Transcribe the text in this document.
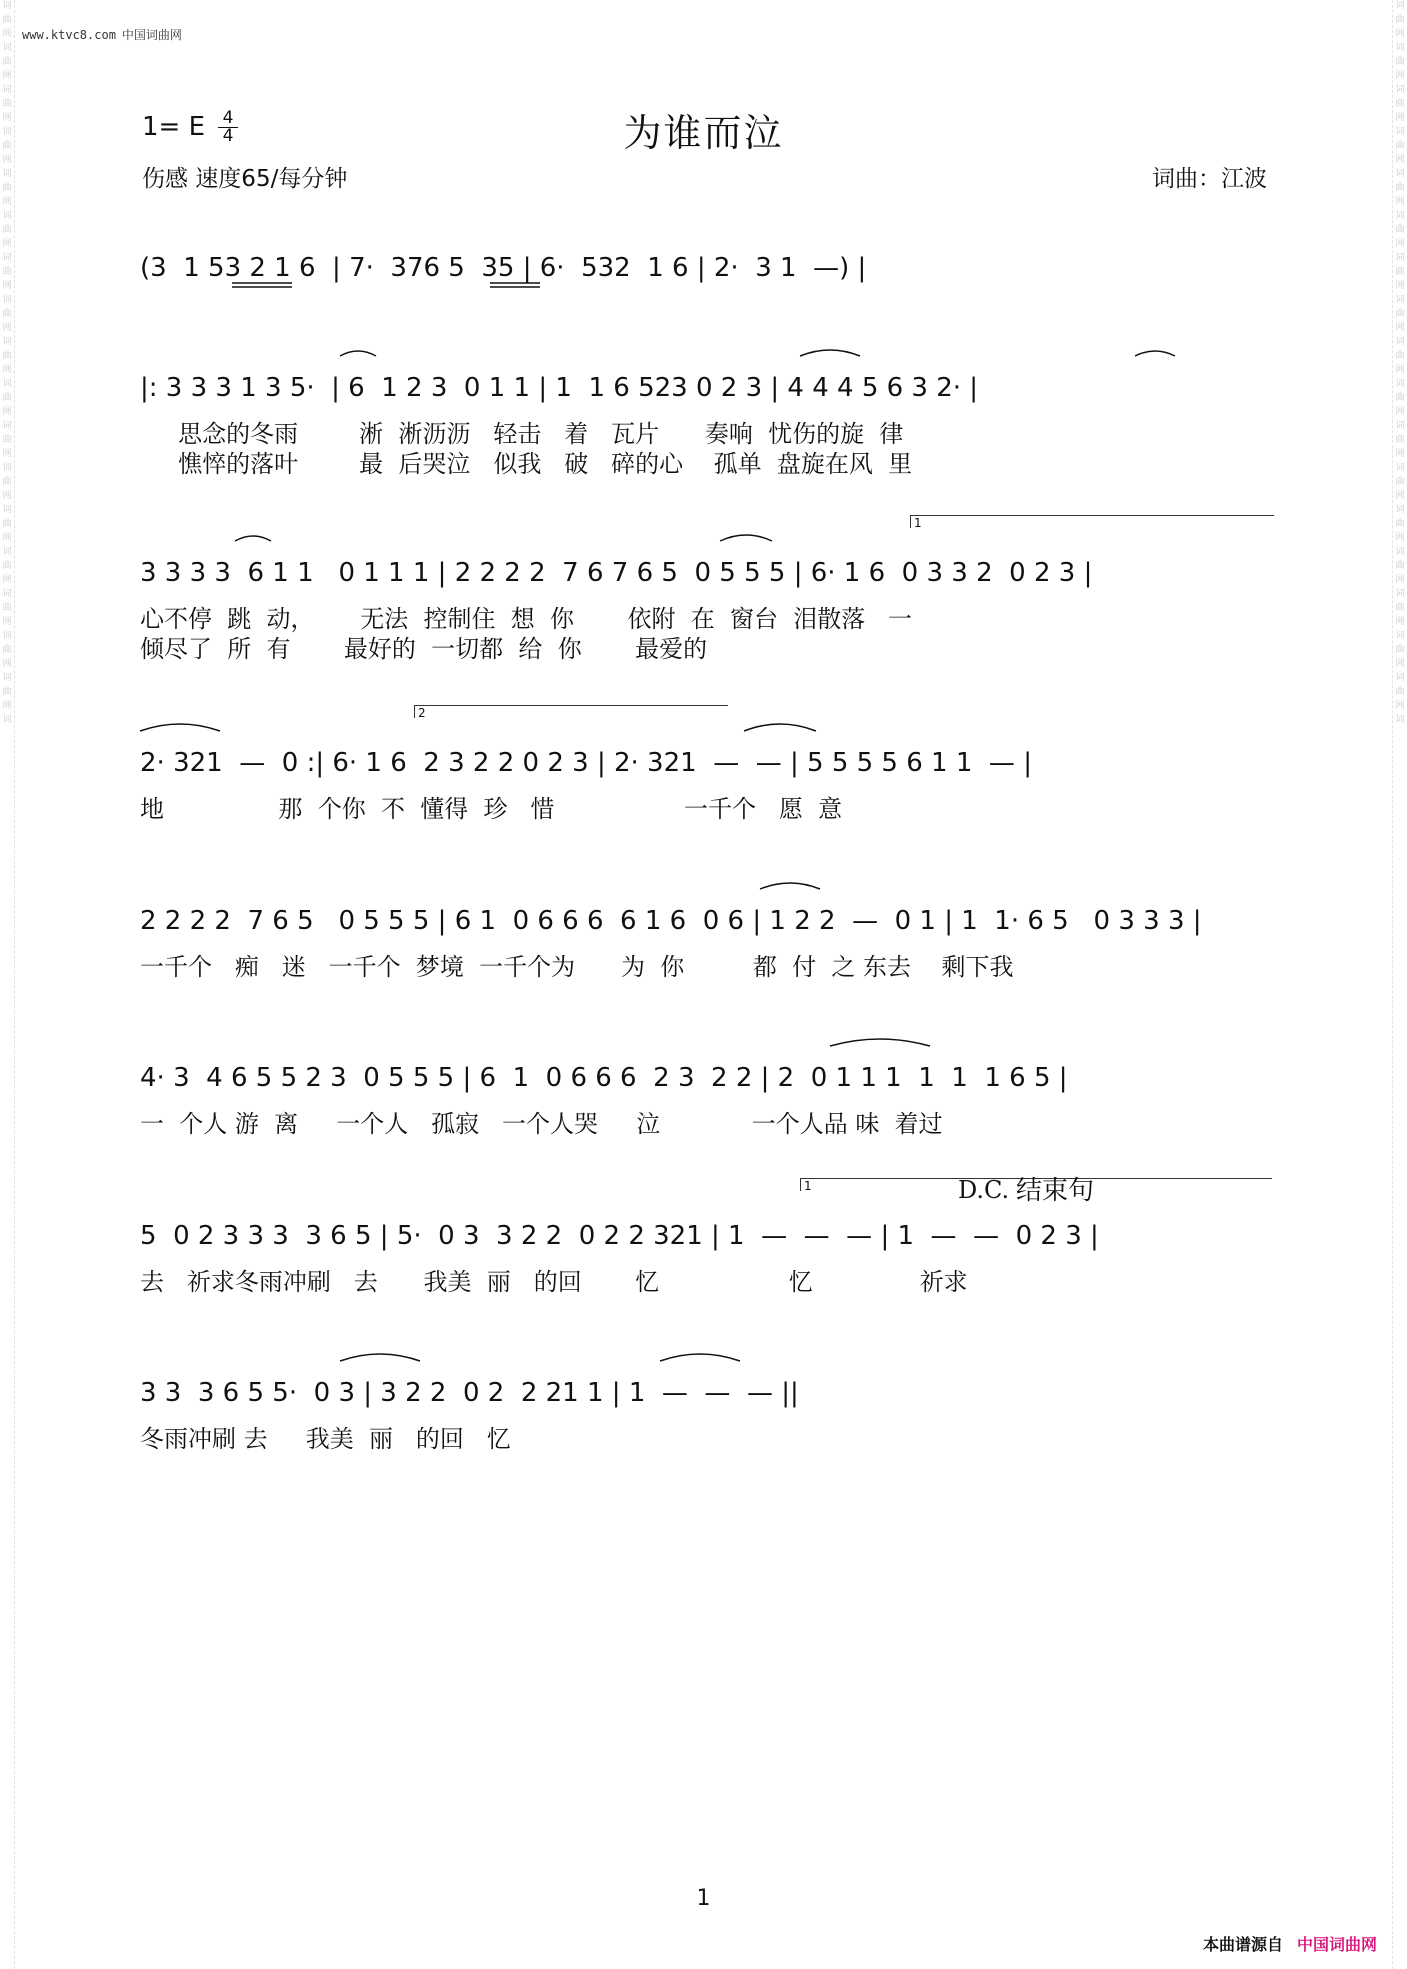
词
曲
网
词
曲
网
词
曲
网
词
曲
网
词
曲
网
词
曲
网
词
曲
网
词
曲
网
词
曲
网
词
曲
网
词
曲
网
词
曲
网
词
曲
网
词
曲
网
词
曲
网
词
曲
网
词
曲
网
词
词
曲
网
词
曲
网
词
曲
网
词
曲
网
词
曲
网
词
曲
网
词
曲
网
词
曲
网
词
曲
网
词
曲
网
词
曲
网
词
曲
网
词
曲
网
词
曲
网
词
曲
网
词
曲
网
词
曲
网
词
www.ktvc8.com 中国词曲网
1= E $\frac{4}{4}$	为谁而泣
伤感 速度65/每分钟	词曲：江波
(3  1 53 2 1 6  | 7·  376 5  35 | 6·  532  1 6 | 2·  3 1  —) |
|: 3 3 3 1 3 5·  | 6  1 2 3  0 1 1 | 1  1 6 523 0 2 3 | 4 4 4 5 6 3 2· |
思念的冬雨        淅  淅沥沥   轻击   着   瓦片      奏响  忧伤的旋  律
憔悴的落叶        最  后哭泣   似我   破   碎的心    孤单  盘旋在风  里
1
3 3 3 3  6 1 1   0 1 1 1 | 2 2 2 2  7 6 7 6 5  0 5 5 5 | 6· 1 6  0 3 3 2  0 2 3 |
心不停  跳  动，      无法  控制住  想  你       依附  在  窗台  泪散落   一
倾尽了  所  有       最好的  一切都  给  你       最爱的
2
2· 321  —  0 :| 6· 1 6  2 3 2 2 0 2 3 | 2· 321  —  — | 5 5 5 5 6 1 1  — |
地               那  个你  不  懂得  珍   惜                 一千个   愿  意
2 2 2 2  7 6 5   0 5 5 5 | 6 1  0 6 6 6  6 1 6  0 6 | 1 2 2  —  0 1 | 1  1· 6 5   0 3 3 3 |
一千个   痴   迷   一千个  梦境  一千个为      为  你         都  付  之 东去    剩下我
4· 3  4 6 5 5 2 3  0 5 5 5 | 6  1  0 6 6 6  2 3  2 2 | 2  0 1 1 1  1  1  1 6 5 |
一  个人 游  离     一个人   孤寂   一个人哭     泣            一个人品 味  着过
1	D.C. 结束句
5  0 2 3 3 3  3 6 5 | 5·  0 3  3 2 2  0 2 2 321 | 1  —  —  — | 1  —  —  0 2 3 |
去   祈求冬雨冲刷   去      我美  丽   的回       忆                 忆              祈求
3 3  3 6 5 5·  0 3 | 3 2 2  0 2  2 21 1 | 1  —  —  — ||
冬雨冲刷 去     我美  丽   的回   忆
1
本曲谱源自 中国词曲网
